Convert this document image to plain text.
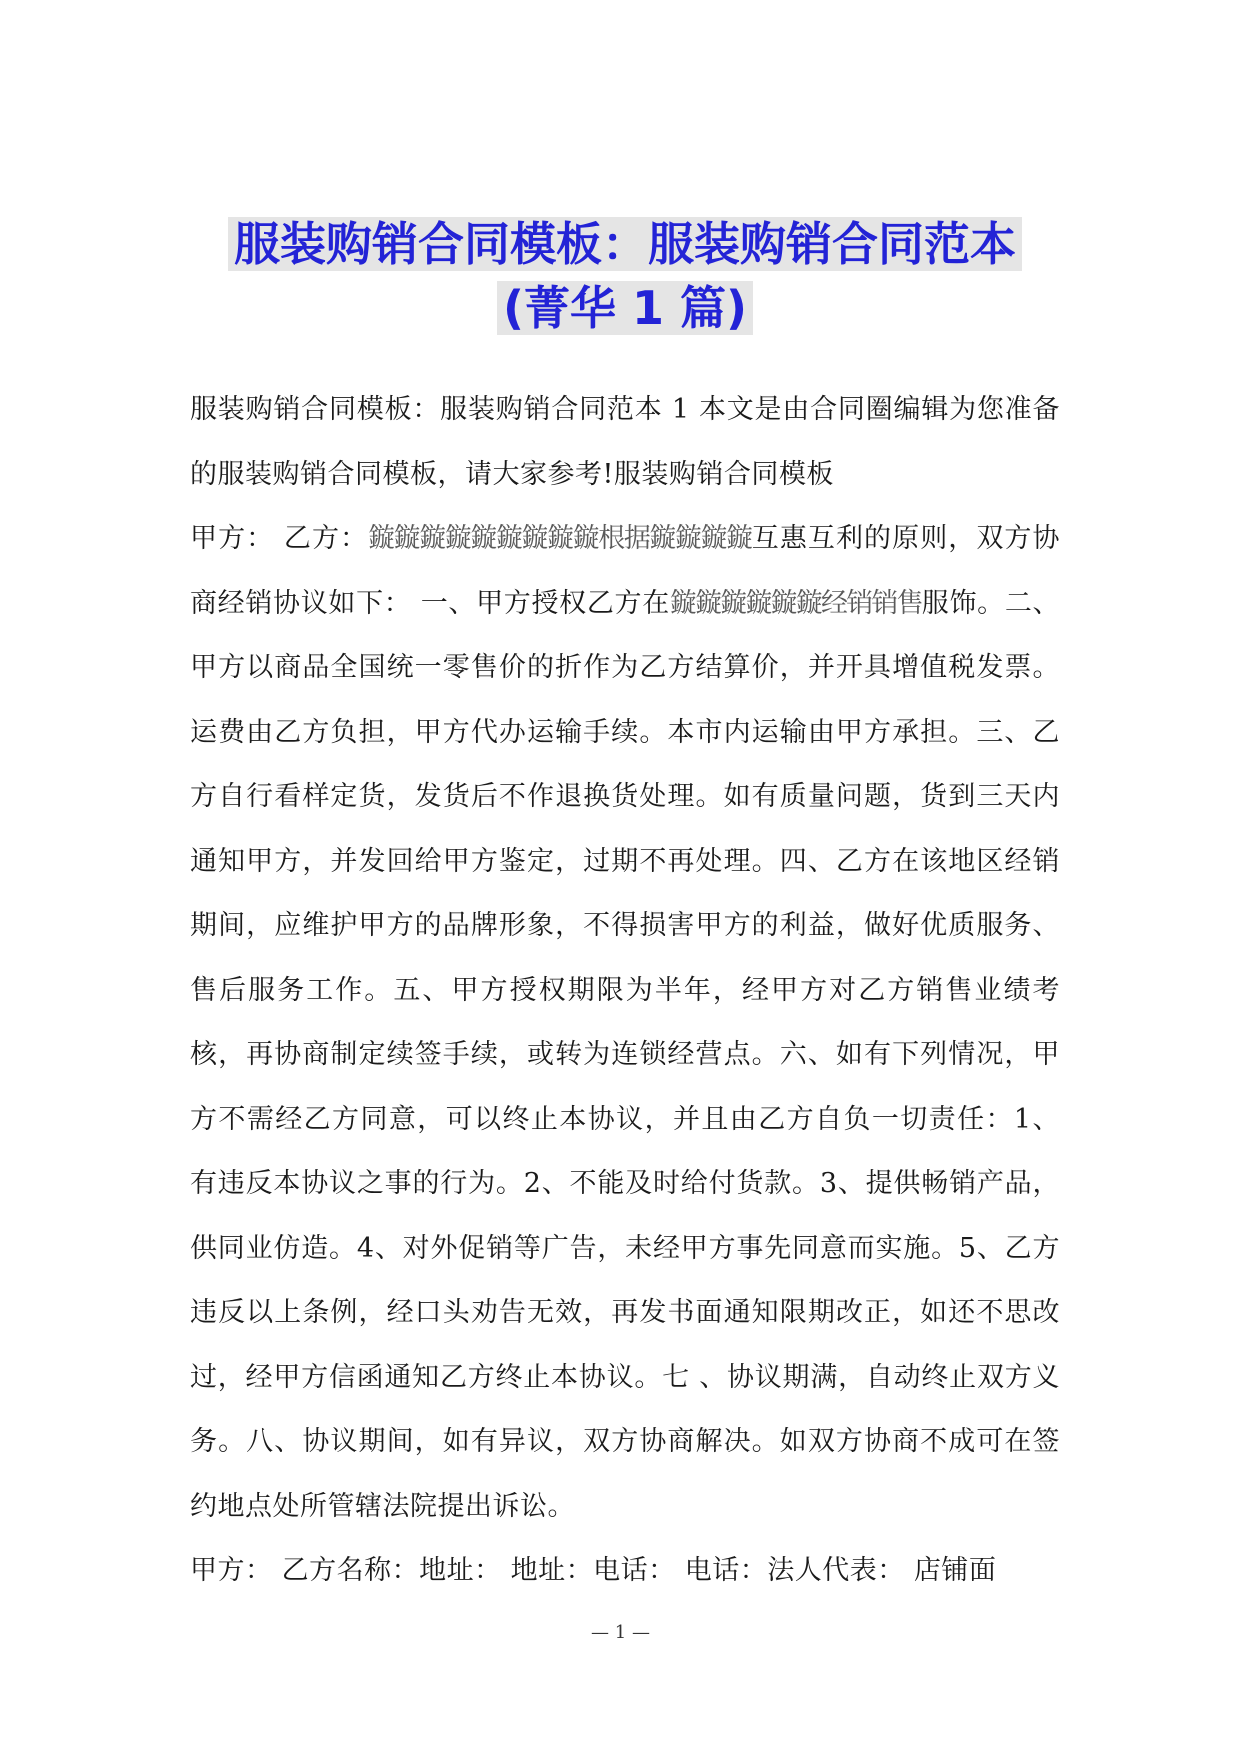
服装购销合同模板：服装购销合同范本
(菁华 1 篇)

服装购销合同模板：服装购销合同范本 1 本文是由合同圈编辑为您准备的服装购销合同模板，请大家参考!服装购销合同模板

甲方： 乙方：鏇鏇鏇鏇鏇鏇鏇鏇鏇根据鏇鏇鏇鏇互惠互利的原则，双方协商经销协议如下： 一、甲方授权乙方在鏇鏇鏇鏇鏇鏇经销销售服饰。二、甲方以商品全国统一零售价的折作为乙方结算价，并开具增值税发票。运费由乙方负担，甲方代办运输手续。本市内运输由甲方承担。三、乙方自行看样定货，发货后不作退换货处理。如有质量问题，货到三天内通知甲方，并发回给甲方鉴定，过期不再处理。四、乙方在该地区经销期间，应维护甲方的品牌形象，不得损害甲方的利益，做好优质服务、售后服务工作。五、甲方授权期限为半年，经甲方对乙方销售业绩考核，再协商制定续签手续，或转为连锁经营点。六、如有下列情况，甲方不需经乙方同意，可以终止本协议，并且由乙方自负一切责任：1、有违反本协议之事的行为。2、不能及时给付货款。3、提供畅销产品，供同业仿造。4、对外促销等广告，未经甲方事先同意而实施。5、乙方违反以上条例，经口头劝告无效，再发书面通知限期改正，如还不思改过，经甲方信函通知乙方终止本协议。七 、协议期满，自动终止双方义务。八、协议期间，如有异议，双方协商解决。如双方协商不成可在签约地点处所管辖法院提出诉讼。

甲方： 乙方名称：地址： 地址：电话： 电话：法人代表： 店铺面

— 1 —
